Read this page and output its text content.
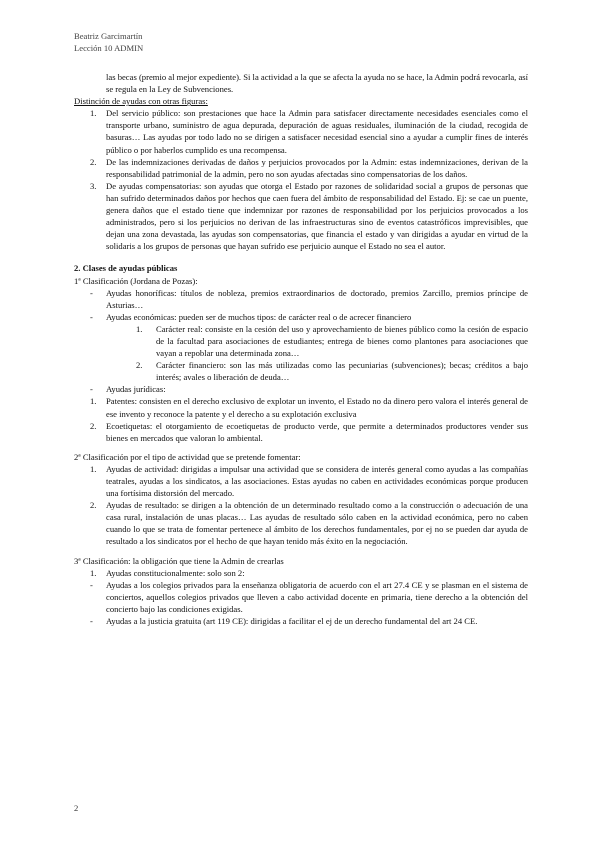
Beatriz Garcimartín
Lección 10 ADMIN

las becas (premio al mejor expediente). Si la actividad a la que se afecta la ayuda no se hace, la Admin podrá revocarla, así se regula en la Ley de Subvenciones.

Distinción de ayudas con otras figuras:

1. Del servicio público: son prestaciones que hace la Admin para satisfacer directamente necesidades esenciales como el transporte urbano, suministro de agua depurada, depuración de aguas residuales, iluminación de la ciudad, recogida de basuras… Las ayudas por todo lado no se dirigen a satisfacer necesidad esencial sino a ayudar a cumplir fines de interés público o por haberlos cumplido es una recompensa.
2. De las indemnizaciones derivadas de daños y perjuicios provocados por la Admin: estas indemnizaciones, derivan de la responsabilidad patrimonial de la admin, pero no son ayudas afectadas sino compensatorias de los daños.
3. De ayudas compensatorias: son ayudas que otorga el Estado por razones de solidaridad social a grupos de personas que han sufrido determinados daños por hechos que caen fuera del ámbito de responsabilidad del Estado. Ej: se cae un puente, genera daños que el estado tiene que indemnizar por razones de responsabilidad por los perjuicios provocados a los administrados, pero si los perjuicios no derivan de las infraestructuras sino de eventos catastróficos imprevisibles, que dejan una zona devastada, las ayudas son compensatorias, que financia el estado y van dirigidas a ayudar en virtud de la solidaris a los grupos de personas que hayan sufrido ese perjuicio aunque el Estado no sea el autor.

2. Clases de ayudas públicas

1ª Clasificación (Jordana de Pozas):

- Ayudas honoríficas: títulos de nobleza, premios extraordinarios de doctorado, premios Zarcillo, premios príncipe de Asturias…
- Ayudas económicas: pueden ser de muchos tipos: de carácter real o de acrecer financiero
1. Carácter real: consiste en la cesión del uso y aprovechamiento de bienes público como la cesión de espacio de la facultad para asociaciones de estudiantes; entrega de bienes como plantones para asociaciones que vayan a repoblar una determinada zona…
2. Carácter financiero: son las más utilizadas como las pecuniarias (subvenciones); becas; créditos a bajo interés; avales o liberación de deuda…
- Ayudas jurídicas:
1. Patentes: consisten en el derecho exclusivo de explotar un invento, el Estado no da dinero pero valora el interés general de ese invento y reconoce la patente y el derecho a su explotación exclusiva
2. Ecoetiquetas: el otorgamiento de ecoetiquetas de producto verde, que permite a determinados productores vender sus bienes en mercados que valoran lo ambiental.

2ª Clasificación por el tipo de actividad que se pretende fomentar:

1. Ayudas de actividad: dirigidas a impulsar una actividad que se considera de interés general como ayudas a las compañías teatrales, ayudas a los sindicatos, a las asociaciones. Estas ayudas no caben en actividades económicas porque producen una fortísima distorsión del mercado.
2. Ayudas de resultado: se dirigen a la obtención de un determinado resultado como a la construcción o adecuación de una casa rural, instalación de unas placas… Las ayudas de resultado sólo caben en la actividad económica, pero no caben cuando lo que se trata de fomentar pertenece al ámbito de los derechos fundamentales, por ej no se pueden dar ayuda de resultado a los sindicatos por el hecho de que hayan tenido más éxito en la negociación.

3ª Clasificación: la obligación que tiene la Admin de crearlas

1. Ayudas constitucionalmente: solo son 2:
- Ayudas a los colegios privados para la enseñanza obligatoria de acuerdo con el art 27.4 CE y se plasman en el sistema de conciertos, aquellos colegios privados que lleven a cabo actividad docente en primaria, tiene derecho a la obtención del concierto bajo las condiciones exigidas.
- Ayudas a la justicia gratuita (art 119 CE): dirigidas a facilitar el ej de un derecho fundamental del art 24 CE.
2
